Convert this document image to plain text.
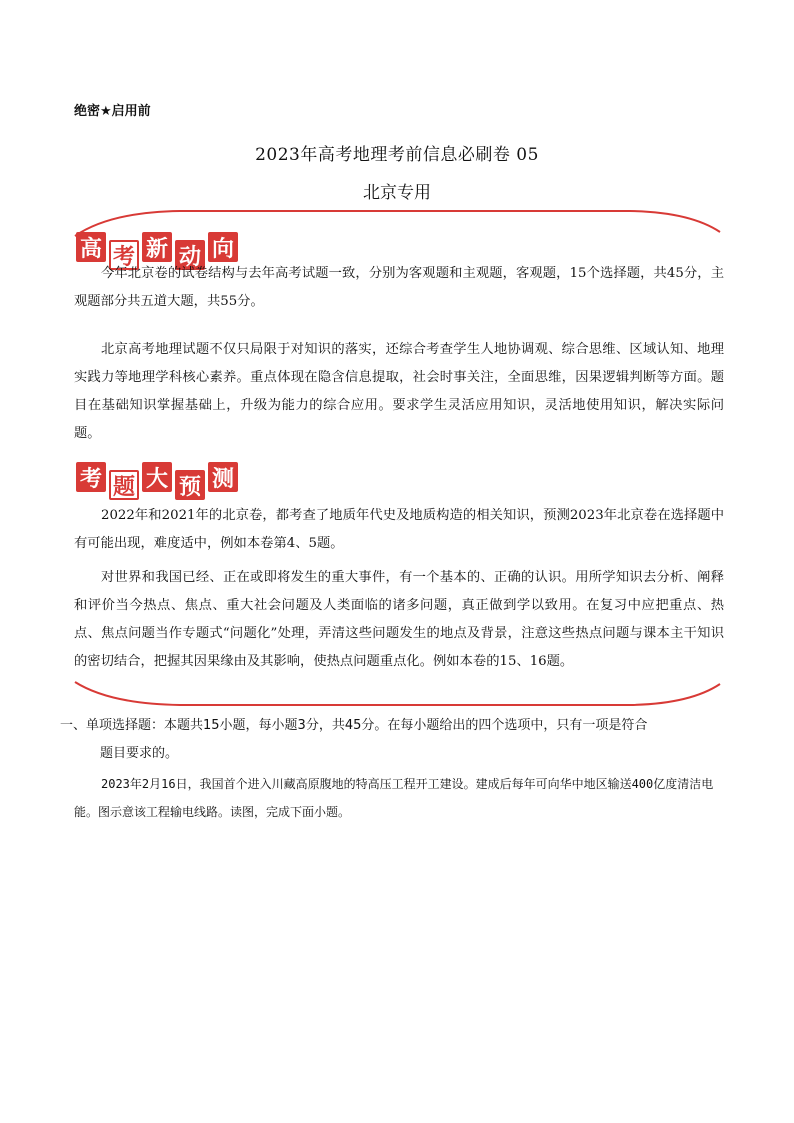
绝密★启用前
2023年高考地理考前信息必刷卷 05
北京专用
高 考 新 动 向

今年北京卷的试卷结构与去年高考试题一致，分别为客观题和主观题，客观题，15个选择题，共45分，主观题部分共五道大题，共55分。

北京高考地理试题不仅只局限于对知识的落实，还综合考查学生人地协调观、综合思维、区域认知、地理实践力等地理学科核心素养。重点体现在隐含信息提取，社会时事关注，全面思维，因果逻辑判断等方面。题目在基础知识掌握基础上，升级为能力的综合应用。要求学生灵活应用知识，灵活地使用知识，解决实际问题。

考 题 大 预 测

2022年和2021年的北京卷，都考查了地质年代史及地质构造的相关知识，预测2023年北京卷在选择题中有可能出现，难度适中，例如本卷第4、5题。

对世界和我国已经、正在或即将发生的重大事件，有一个基本的、正确的认识。用所学知识去分析、阐释和评价当今热点、焦点、重大社会问题及人类面临的诸多问题，真正做到学以致用。在复习中应把重点、热点、焦点问题当作专题式“问题化”处理，弄清这些问题发生的地点及背景，注意这些热点问题与课本主干知识的密切结合，把握其因果缘由及其影响，使热点问题重点化。例如本卷的15、16题。

一、单项选择题：本题共15小题，每小题3分，共45分。在每小题给出的四个选项中，只有一项是符合
题目要求的。

2023年2月16日，我国首个进入川藏高原腹地的特高压工程开工建设。建成后每年可向华中地区输送400亿度清洁电能。图示意该工程输电线路。读图，完成下面小题。
